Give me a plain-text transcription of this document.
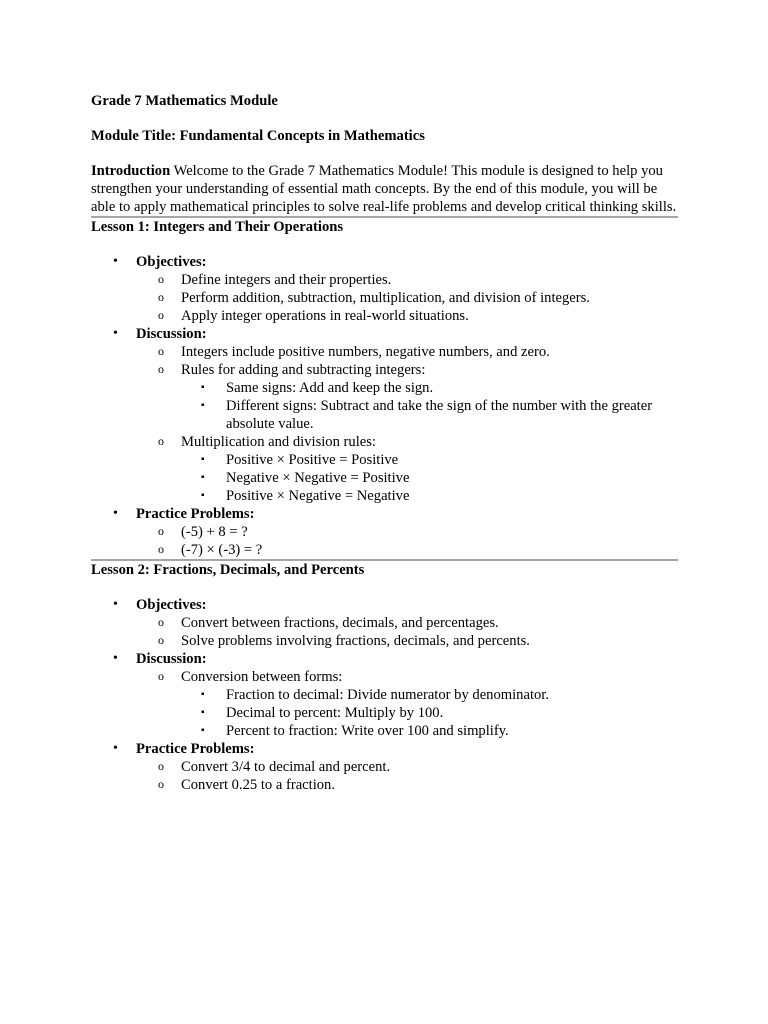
Grade 7 Mathematics Module

Module Title: Fundamental Concepts in Mathematics

Introduction Welcome to the Grade 7 Mathematics Module! This module is designed to help you strengthen your understanding of essential math concepts. By the end of this module, you will be able to apply mathematical principles to solve real-life problems and develop critical thinking skills.

Lesson 1: Integers and Their Operations

• Objectives:
o Define integers and their properties.
o Perform addition, subtraction, multiplication, and division of integers.
o Apply integer operations in real-world situations.
• Discussion:
o Integers include positive numbers, negative numbers, and zero.
o Rules for adding and subtracting integers:
▪ Same signs: Add and keep the sign.
▪ Different signs: Subtract and take the sign of the number with the greater absolute value.
o Multiplication and division rules:
▪ Positive × Positive = Positive
▪ Negative × Negative = Positive
▪ Positive × Negative = Negative
• Practice Problems:
o (-5) + 8 = ?
o (-7) × (-3) = ?

Lesson 2: Fractions, Decimals, and Percents

• Objectives:
o Convert between fractions, decimals, and percentages.
o Solve problems involving fractions, decimals, and percents.
• Discussion:
o Conversion between forms:
▪ Fraction to decimal: Divide numerator by denominator.
▪ Decimal to percent: Multiply by 100.
▪ Percent to fraction: Write over 100 and simplify.
• Practice Problems:
o Convert 3/4 to decimal and percent.
o Convert 0.25 to a fraction.
